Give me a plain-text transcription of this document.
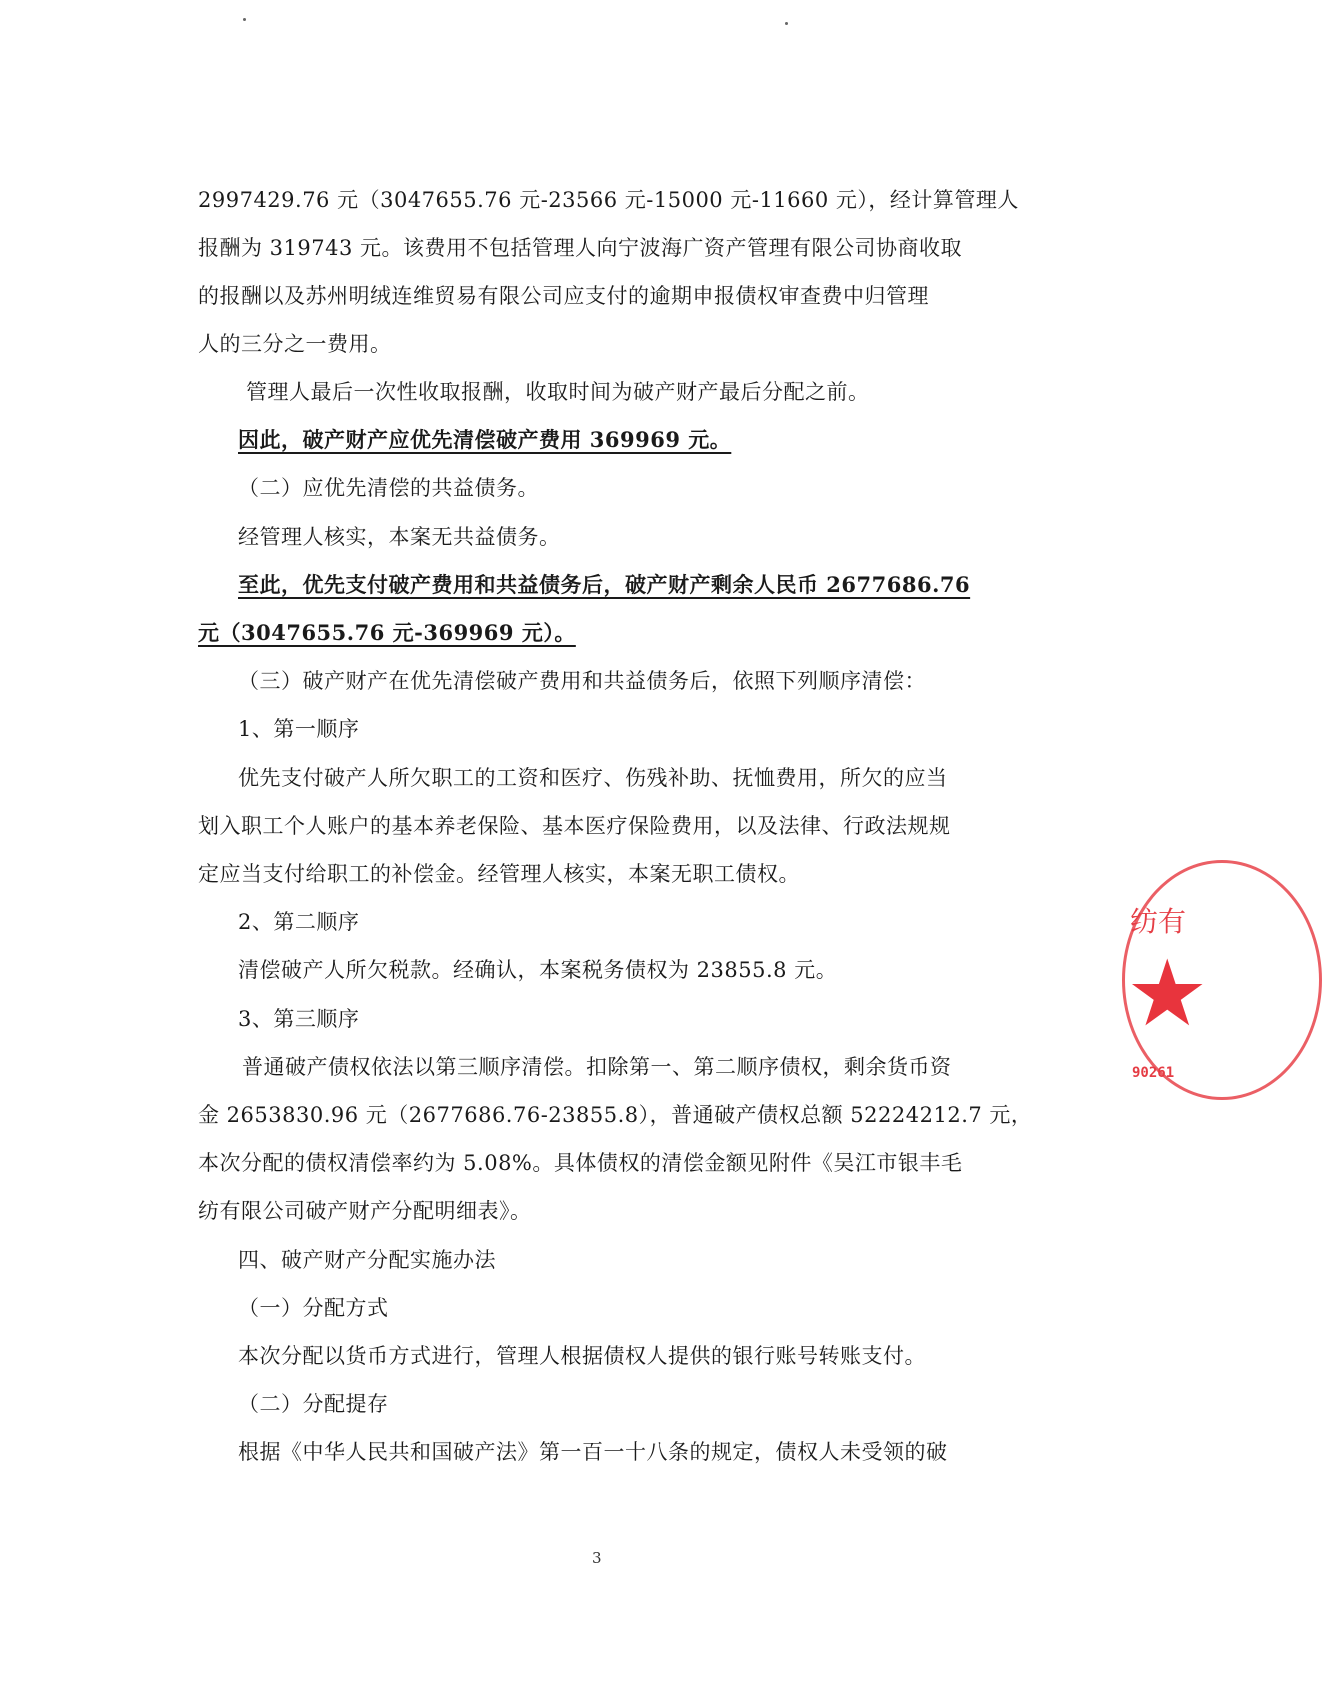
2997429.76 元（3047655.76 元-23566 元-15000 元-11660 元），经计算管理人
报酬为 319743 元。该费用不包括管理人向宁波海广资产管理有限公司协商收取
的报酬以及苏州明绒连维贸易有限公司应支付的逾期申报债权审查费中归管理
人的三分之一费用。
管理人最后一次性收取报酬，收取时间为破产财产最后分配之前。
因此，破产财产应优先清偿破产费用 369969 元。
（二）应优先清偿的共益债务。
经管理人核实，本案无共益债务。
至此，优先支付破产费用和共益债务后，破产财产剩余人民币 2677686.76
元（3047655.76 元-369969 元）。
（三）破产财产在优先清偿破产费用和共益债务后，依照下列顺序清偿：
1、第一顺序
优先支付破产人所欠职工的工资和医疗、伤残补助、抚恤费用，所欠的应当
划入职工个人账户的基本养老保险、基本医疗保险费用，以及法律、行政法规规
定应当支付给职工的补偿金。经管理人核实，本案无职工债权。
2、第二顺序
清偿破产人所欠税款。经确认，本案税务债权为 23855.8 元。
3、第三顺序
普通破产债权依法以第三顺序清偿。扣除第一、第二顺序债权，剩余货币资
金 2653830.96 元（2677686.76-23855.8），普通破产债权总额 52224212.7 元，
本次分配的债权清偿率约为 5.08%。具体债权的清偿金额见附件《吴江市银丰毛
纺有限公司破产财产分配明细表》。
四、破产财产分配实施办法
（一）分配方式
本次分配以货币方式进行，管理人根据债权人提供的银行账号转账支付。
（二）分配提存
根据《中华人民共和国破产法》第一百一十八条的规定，债权人未受领的破
3
纺有
★
90261
